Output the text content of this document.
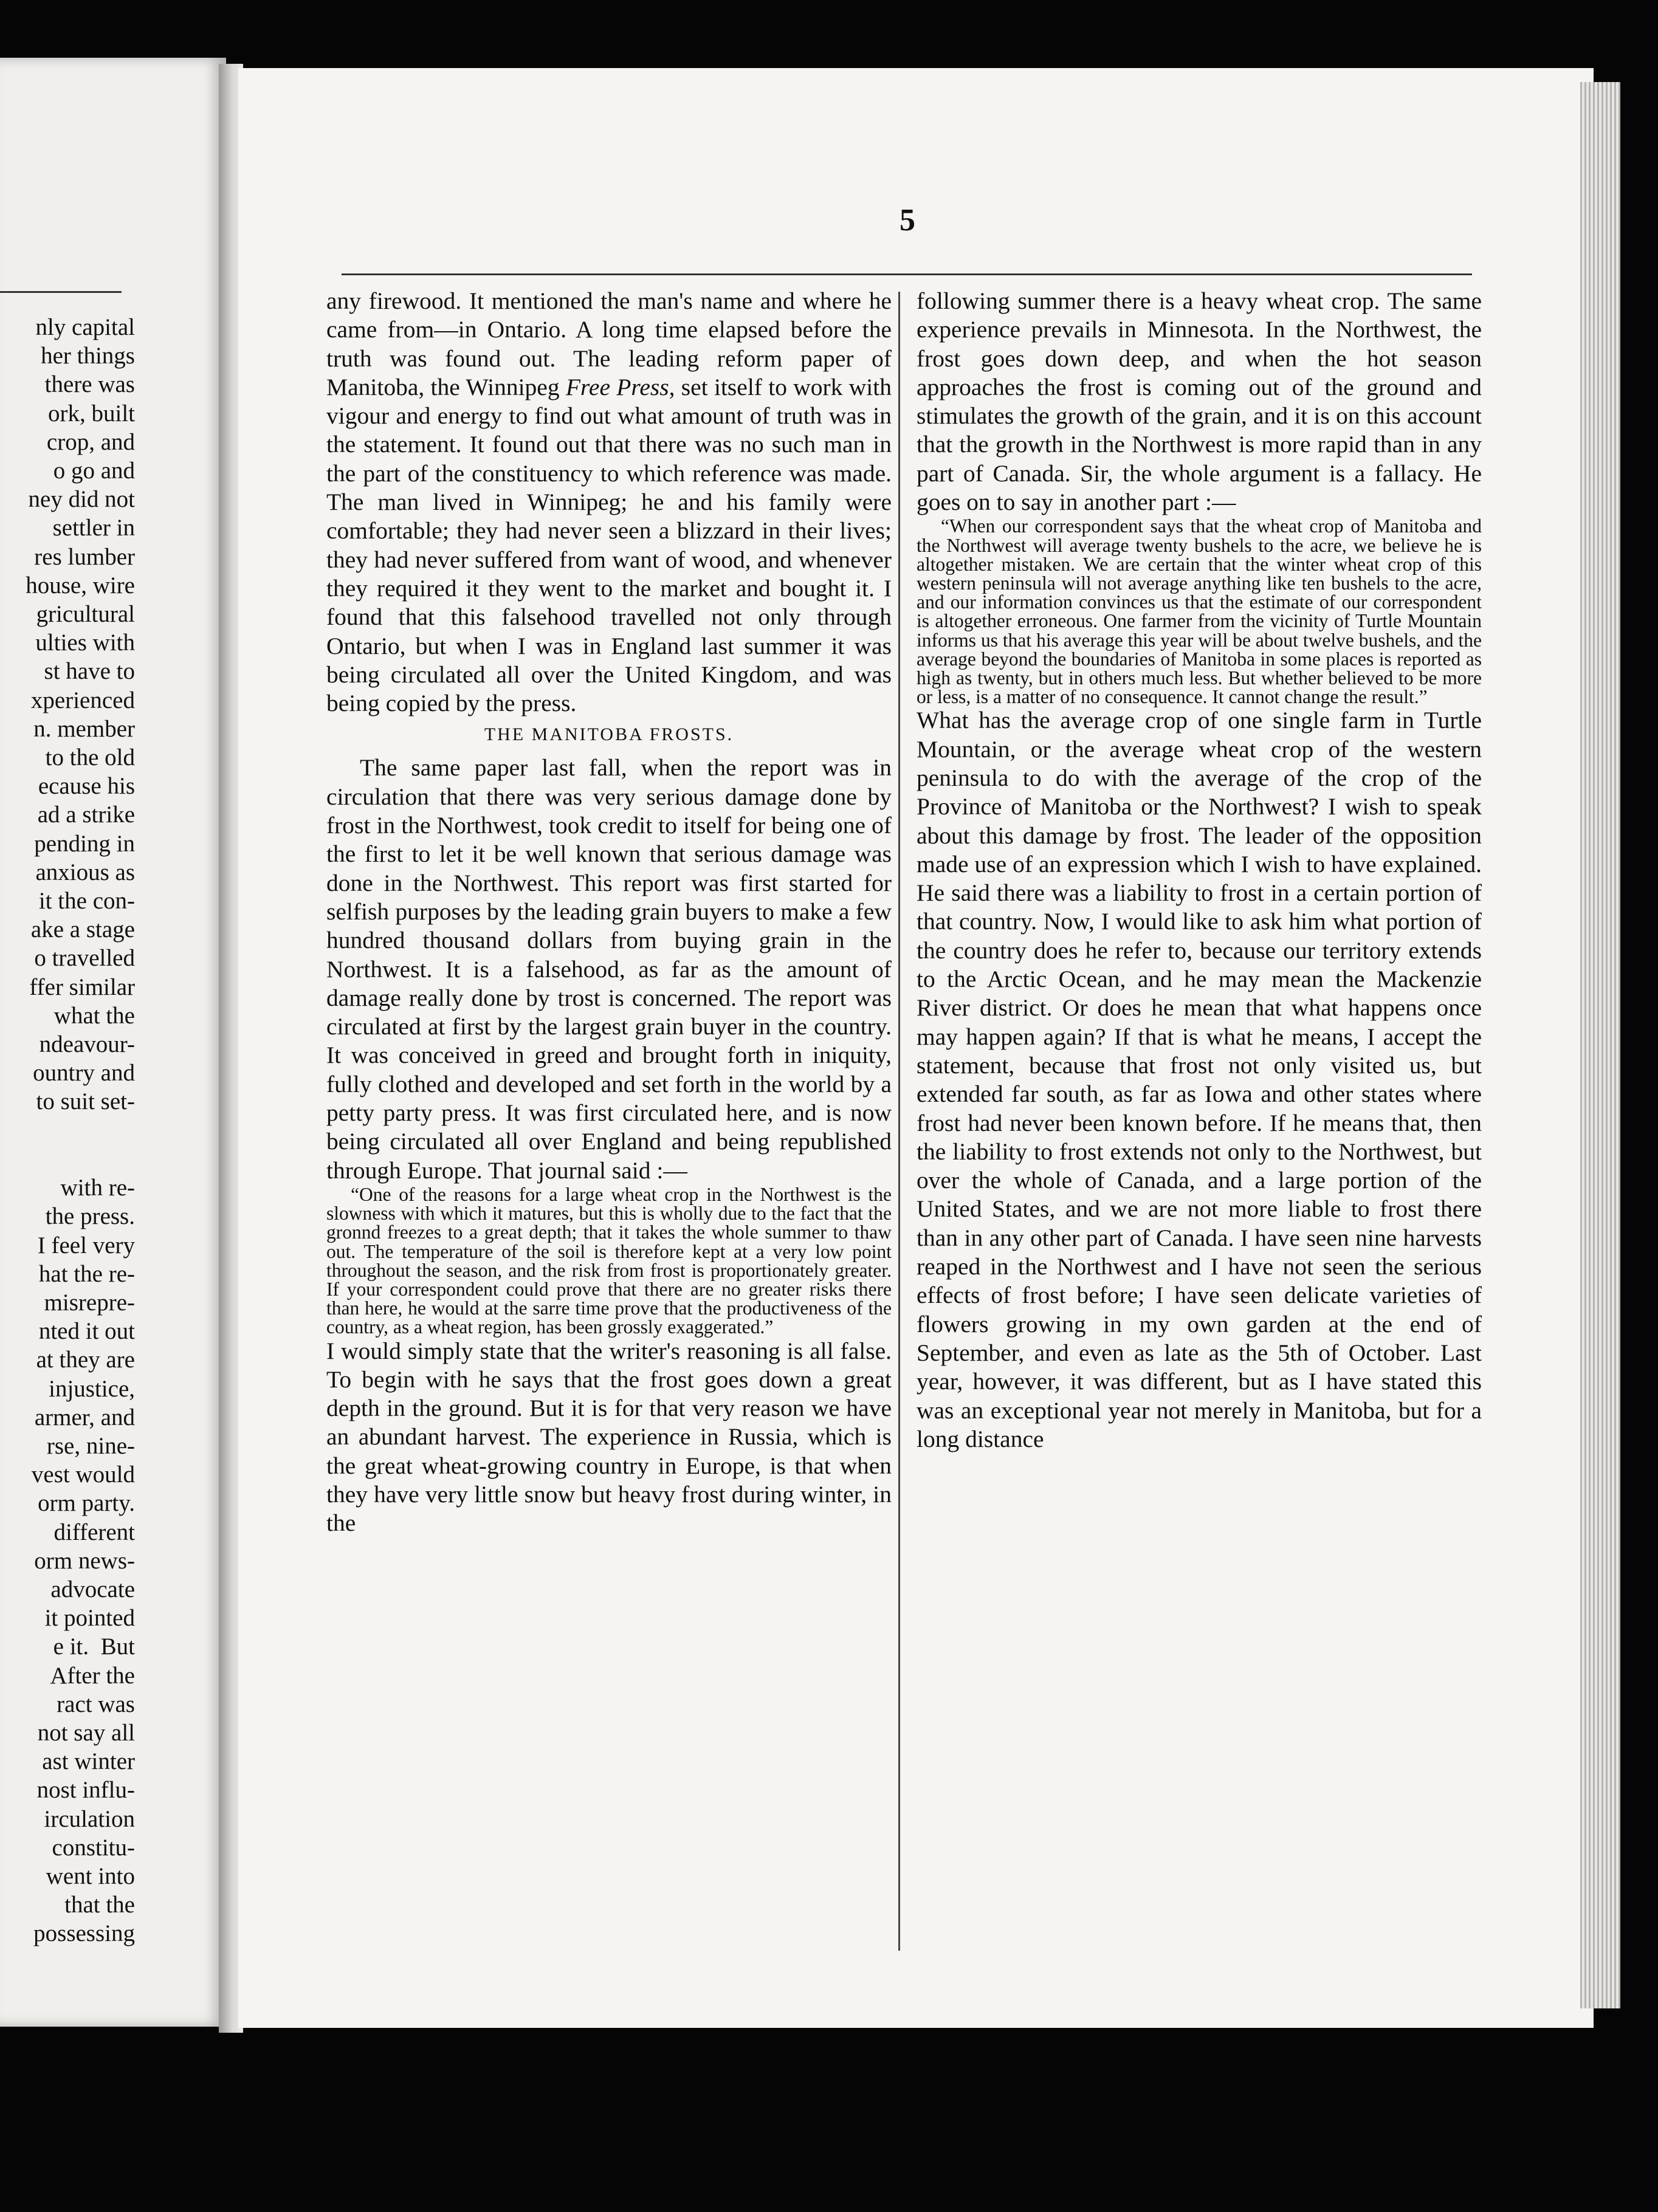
nly capital
her things
there was
ork, built
crop, and
o go and
ney did not
settler in
res lumber
house, wire
gricultural
ulties with
st have to
xperienced
n. member
to the old
ecause his
ad a strike
pending in
anxious as
it the con-
ake a stage
o travelled
ffer similar
what the
ndeavour-
ountry and
to suit set-

with re-
the press.
I feel very
hat the re-
misrepre-
nted it out
at they are
injustice,
armer, and
rse, nine-
vest would
orm party.
different
orm news-
advocate
it pointed
e it.  But
After the
ract was
not say all
ast winter
nost influ-
irculation
constitu-
went into
that the
possessing
5

any firewood. It mentioned the man's name and where he came from—in Ontario. A long time elapsed before the truth was found out. The leading reform paper of Manitoba, the Winnipeg Free Press, set itself to work with vigour and energy to find out what amount of truth was in the statement. It found out that there was no such man in the part of the constituency to which reference was made. The man lived in Winnipeg; he and his family were comfortable; they had never seen a blizzard in their lives; they had never suffered from want of wood, and whenever they required it they went to the market and bought it. I found that this falsehood travelled not only through Ontario, but when I was in England last summer it was being circulated all over the United Kingdom, and was being copied by the press.

THE MANITOBA FROSTS.

The same paper last fall, when the report was in circulation that there was very serious damage done by frost in the Northwest, took credit to itself for being one of the first to let it be well known that serious damage was done in the Northwest. This report was first started for selfish purposes by the leading grain buyers to make a few hundred thousand dollars from buying grain in the Northwest. It is a falsehood, as far as the amount of damage really done by trost is concerned. The report was circulated at first by the largest grain buyer in the country. It was conceived in greed and brought forth in iniquity, fully clothed and developed and set forth in the world by a petty party press. It was first circulated here, and is now being circulated all over England and being republished through Europe. That journal said :—

“One of the reasons for a large wheat crop in the Northwest is the slowness with which it matures, but this is wholly due to the fact that the gronnd freezes to a great depth; that it takes the whole summer to thaw out. The temperature of the soil is therefore kept at a very low point throughout the season, and the risk from frost is proportionately greater. If your correspondent could prove that there are no greater risks there than here, he would at the sarre time prove that the productiveness of the country, as a wheat region, has been grossly exaggerated.”

I would simply state that the writer's reasoning is all false. To begin with he says that the frost goes down a great depth in the ground. But it is for that very reason we have an abundant harvest. The experience in Russia, which is the great wheat-growing country in Europe, is that when they have very little snow but heavy frost during winter, in the

following summer there is a heavy wheat crop. The same experience prevails in Minnesota. In the Northwest, the frost goes down deep, and when the hot season approaches the frost is coming out of the ground and stimulates the growth of the grain, and it is on this account that the growth in the Northwest is more rapid than in any part of Canada. Sir, the whole argument is a fallacy. He goes on to say in another part :—

“When our correspondent says that the wheat crop of Manitoba and the Northwest will average twenty bushels to the acre, we believe he is altogether mistaken. We are certain that the winter wheat crop of this western peninsula will not average anything like ten bushels to the acre, and our information convinces us that the estimate of our correspondent is altogether erroneous. One farmer from the vicinity of Turtle Mountain informs us that his average this year will be about twelve bushels, and the average beyond the boundaries of Manitoba in some places is reported as high as twenty, but in others much less. But whether believed to be more or less, is a matter of no consequence. It cannot change the result.”

What has the average crop of one single farm in Turtle Mountain, or the average wheat crop of the western peninsula to do with the average of the crop of the Province of Manitoba or the Northwest? I wish to speak about this damage by frost. The leader of the opposition made use of an expression which I wish to have explained. He said there was a liability to frost in a certain portion of that country. Now, I would like to ask him what portion of the country does he refer to, because our territory extends to the Arctic Ocean, and he may mean the Mackenzie River district. Or does he mean that what happens once may happen again? If that is what he means, I accept the statement, because that frost not only visited us, but extended far south, as far as Iowa and other states where frost had never been known before. If he means that, then the liability to frost extends not only to the Northwest, but over the whole of Canada, and a large portion of the United States, and we are not more liable to frost there than in any other part of Canada. I have seen nine harvests reaped in the Northwest and I have not seen the serious effects of frost before; I have seen delicate varieties of flowers growing in my own garden at the end of September, and even as late as the 5th of October. Last year, however, it was different, but as I have stated this was an exceptional year not merely in Manitoba, but for a long distance
